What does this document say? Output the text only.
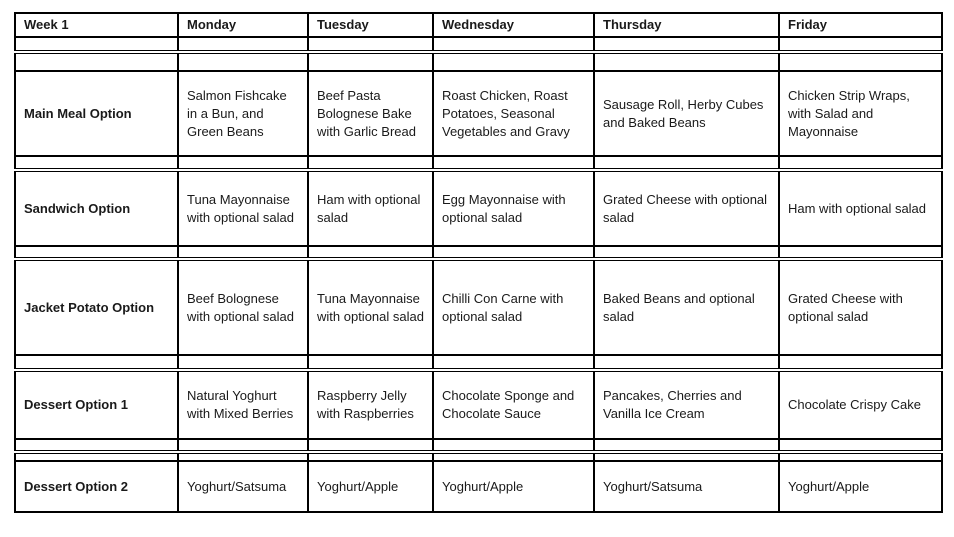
Week 1	Monday	Tuesday	Wednesday	Thursday	Friday

Main Meal Option	Salmon Fishcake in a Bun, and Green Beans	Beef Pasta Bolognese Bake with Garlic Bread	Roast Chicken, Roast Potatoes, Seasonal Vegetables and Gravy	Sausage Roll, Herby Cubes and Baked Beans	Chicken Strip Wraps, with Salad and Mayonnaise

Sandwich Option	Tuna Mayonnaise with optional salad	Ham with optional salad	Egg Mayonnaise with optional salad	Grated Cheese with optional salad	Ham with optional salad

Jacket Potato Option	Beef Bolognese with optional salad	Tuna Mayonnaise with optional salad	Chilli Con Carne with optional salad	Baked Beans and optional salad	Grated Cheese with optional salad

Dessert Option 1	Natural Yoghurt with Mixed Berries	Raspberry Jelly with Raspberries	Chocolate Sponge and Chocolate Sauce	Pancakes, Cherries and Vanilla Ice Cream	Chocolate Crispy Cake

Dessert Option 2	Yoghurt/Satsuma	Yoghurt/Apple	Yoghurt/Apple	Yoghurt/Satsuma	Yoghurt/Apple
